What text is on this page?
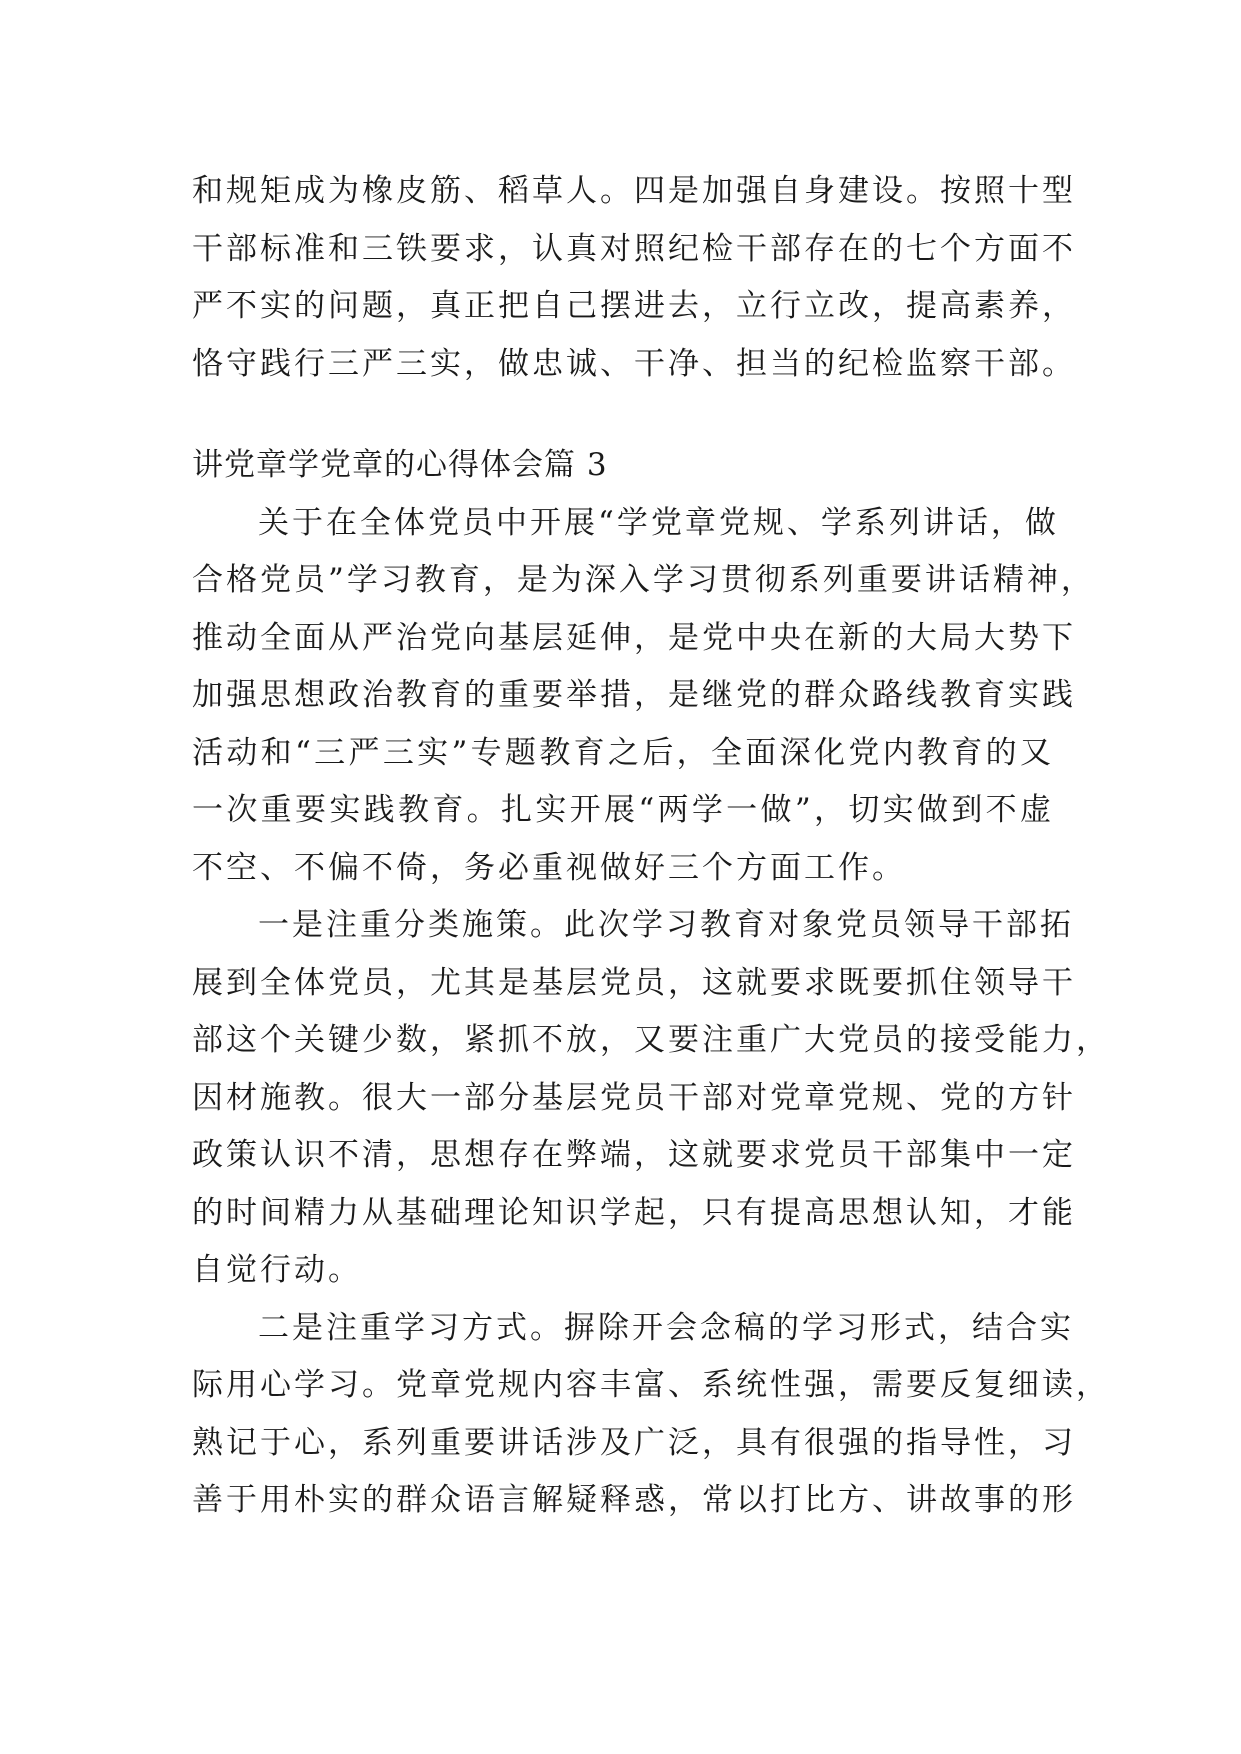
和规矩成为橡皮筋、稻草人。四是加强自身建设。按照十型
干部标准和三铁要求，认真对照纪检干部存在的七个方面不
严不实的问题，真正把自己摆进去，立行立改，提高素养，
恪守践行三严三实，做忠诚、干净、担当的纪检监察干部。
讲党章学党章的心得体会篇 3
关于在全体党员中开展“学党章党规、学系列讲话，做
合格党员”学习教育，是为深入学习贯彻系列重要讲话精神，
推动全面从严治党向基层延伸，是党中央在新的大局大势下
加强思想政治教育的重要举措，是继党的群众路线教育实践
活动和“三严三实”专题教育之后，全面深化党内教育的又
一次重要实践教育。扎实开展“两学一做”，切实做到不虚
不空、不偏不倚，务必重视做好三个方面工作。
一是注重分类施策。此次学习教育对象党员领导干部拓
展到全体党员，尤其是基层党员，这就要求既要抓住领导干
部这个关键少数，紧抓不放，又要注重广大党员的接受能力，
因材施教。很大一部分基层党员干部对党章党规、党的方针
政策认识不清，思想存在弊端，这就要求党员干部集中一定
的时间精力从基础理论知识学起，只有提高思想认知，才能
自觉行动。
二是注重学习方式。摒除开会念稿的学习形式，结合实
际用心学习。党章党规内容丰富、系统性强，需要反复细读，
熟记于心，系列重要讲话涉及广泛，具有很强的指导性，习
善于用朴实的群众语言解疑释惑，常以打比方、讲故事的形
